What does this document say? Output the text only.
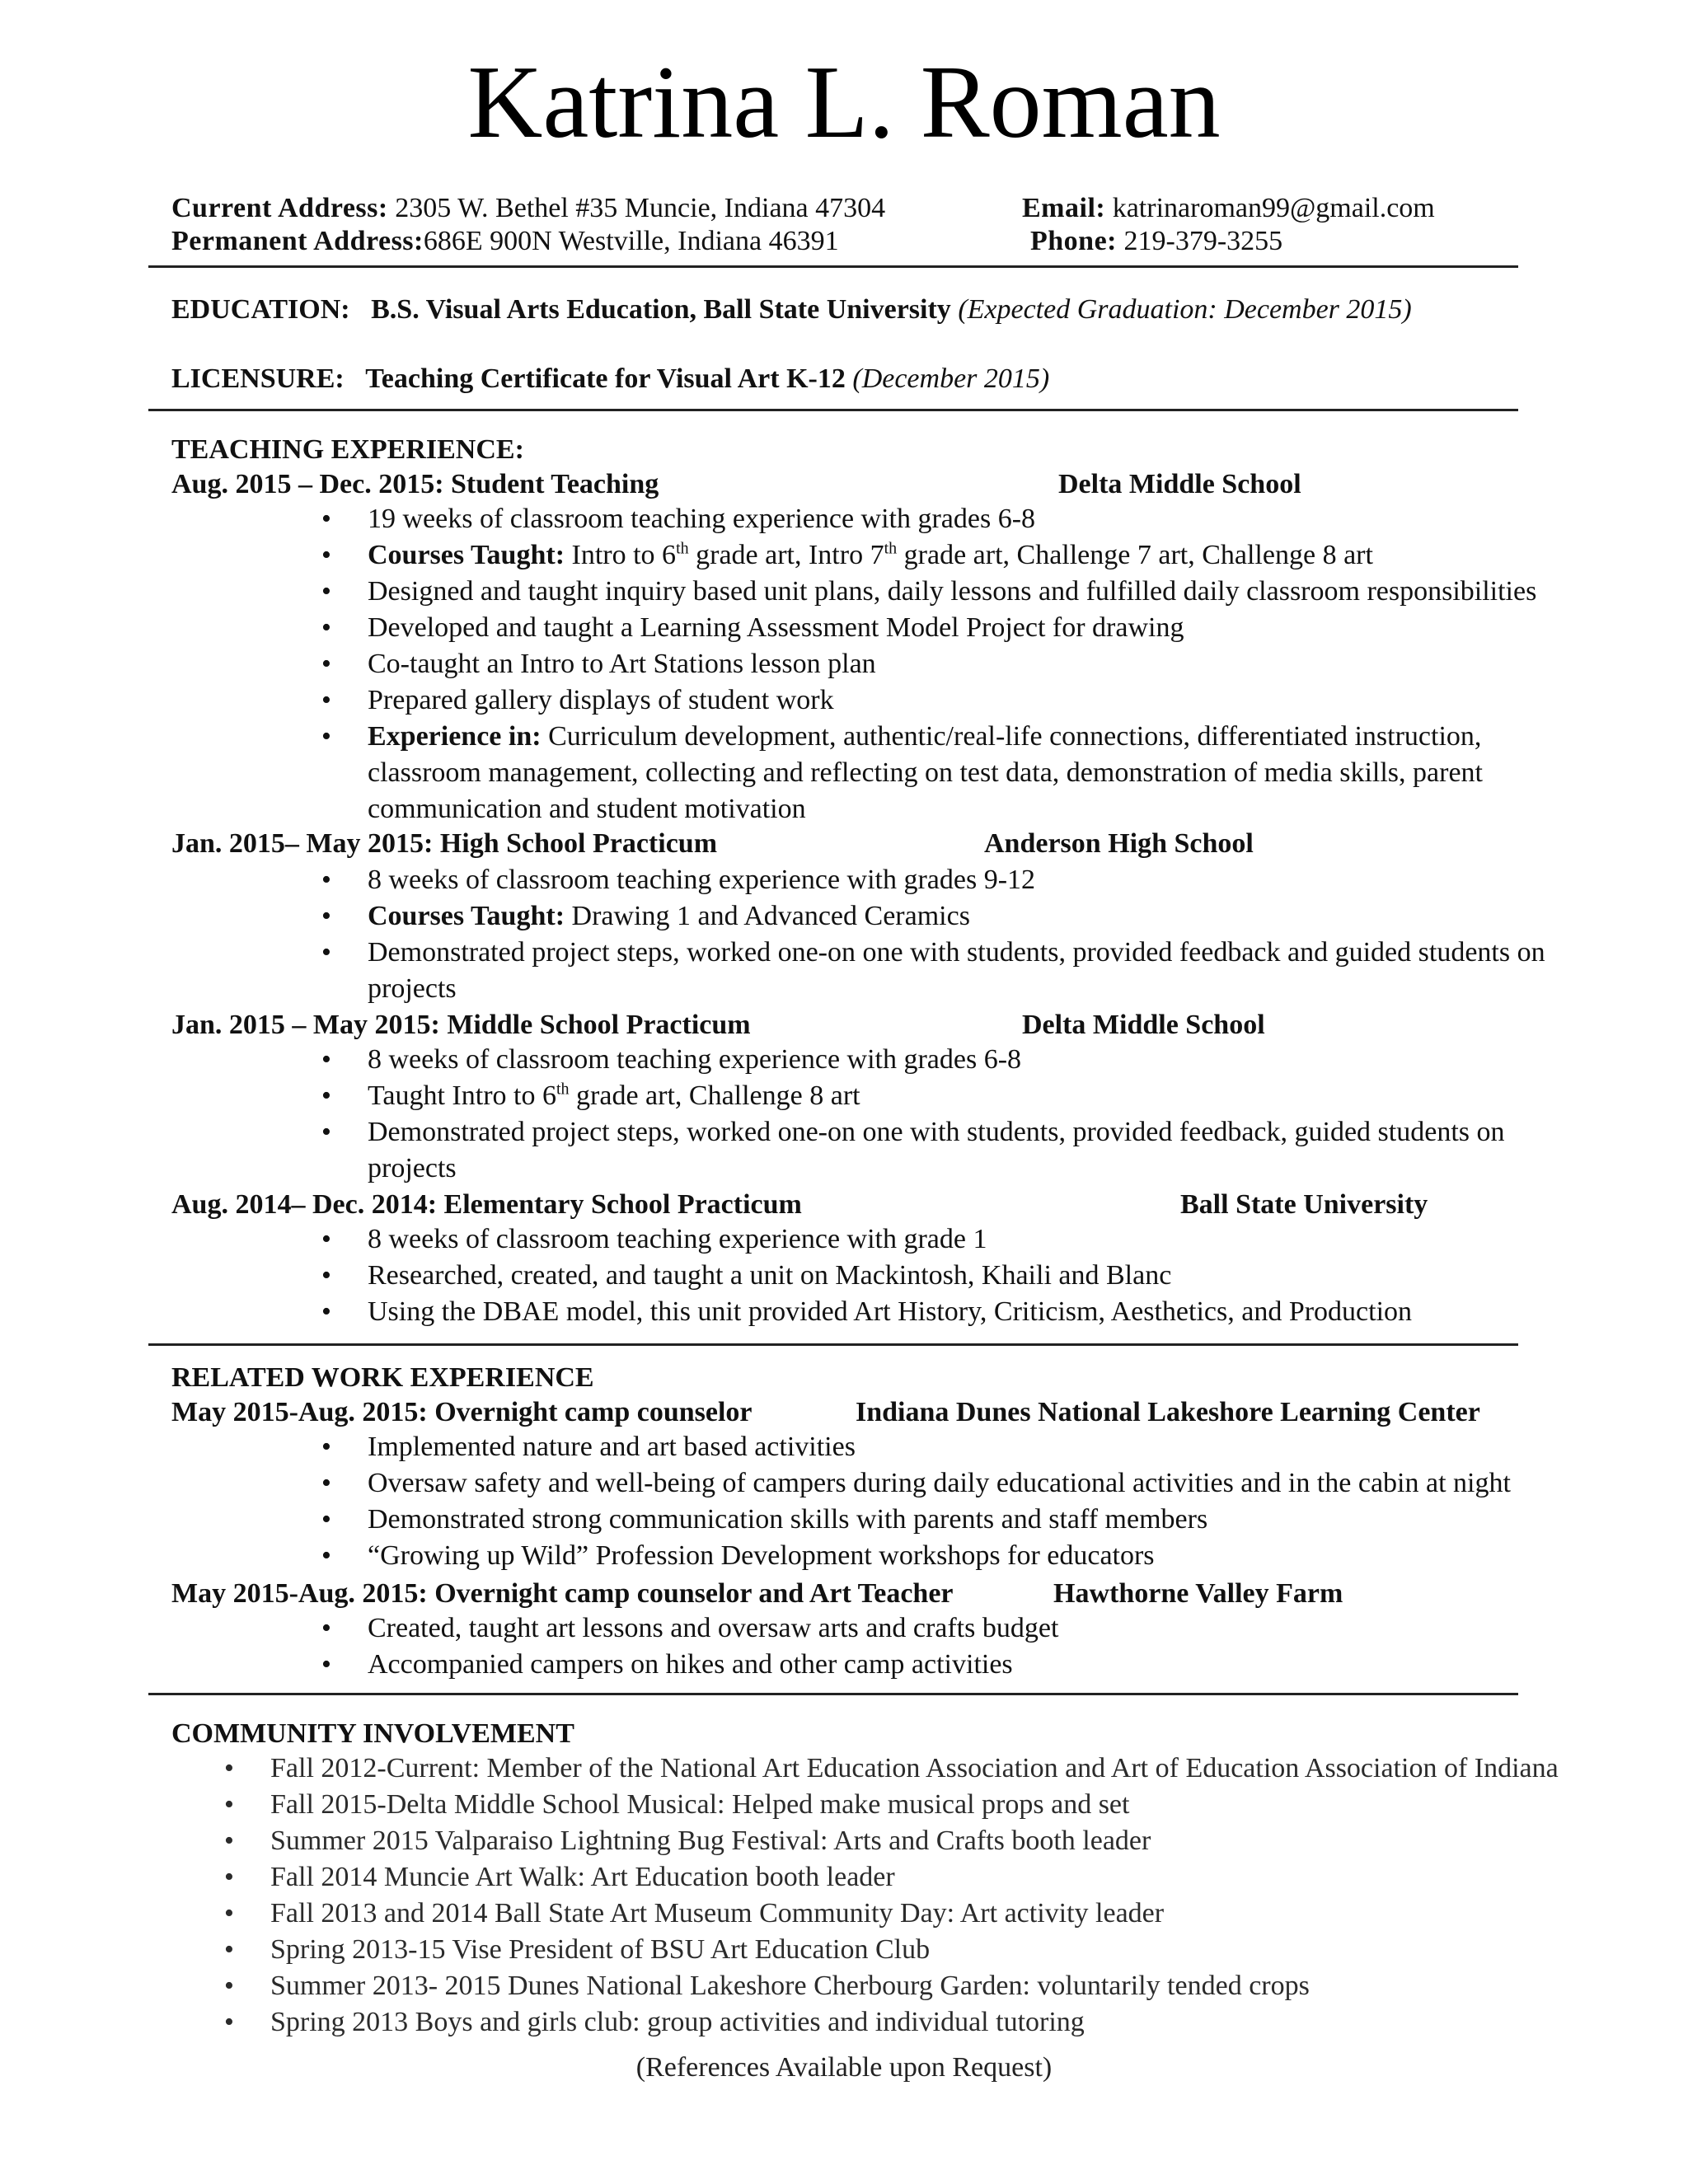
Katrina L. Roman
Current Address: 2305 W. Bethel #35 Muncie, Indiana 47304	Email: katrinaroman99@gmail.com
Permanent Address:686E 900N Westville, Indiana 46391	Phone: 219-379-3255
EDUCATION: B.S. Visual Arts Education, Ball State University (Expected Graduation: December 2015)
LICENSURE: Teaching Certificate for Visual Art K-12 (December 2015)
TEACHING EXPERIENCE:
Aug. 2015 – Dec. 2015: Student Teaching	Delta Middle School
• 19 weeks of classroom teaching experience with grades 6-8
• Courses Taught: Intro to 6th grade art, Intro 7th grade art, Challenge 7 art, Challenge 8 art
• Designed and taught inquiry based unit plans, daily lessons and fulfilled daily classroom responsibilities
• Developed and taught a Learning Assessment Model Project for drawing
• Co-taught an Intro to Art Stations lesson plan
• Prepared gallery displays of student work
• Experience in: Curriculum development, authentic/real-life connections, differentiated instruction,
classroom management, collecting and reflecting on test data, demonstration of media skills, parent
communication and student motivation
Jan. 2015– May 2015: High School Practicum	Anderson High School
• 8 weeks of classroom teaching experience with grades 9-12
• Courses Taught: Drawing 1 and Advanced Ceramics
• Demonstrated project steps, worked one-on one with students, provided feedback and guided students on
projects
Jan. 2015 – May 2015: Middle School Practicum	Delta Middle School
• 8 weeks of classroom teaching experience with grades 6-8
• Taught Intro to 6th grade art, Challenge 8 art
• Demonstrated project steps, worked one-on one with students, provided feedback, guided students on
projects
Aug. 2014– Dec. 2014: Elementary School Practicum	Ball State University
• 8 weeks of classroom teaching experience with grade 1
• Researched, created, and taught a unit on Mackintosh, Khaili and Blanc
• Using the DBAE model, this unit provided Art History, Criticism, Aesthetics, and Production
RELATED WORK EXPERIENCE
May 2015-Aug. 2015: Overnight camp counselor	Indiana Dunes National Lakeshore Learning Center
• Implemented nature and art based activities
• Oversaw safety and well-being of campers during daily educational activities and in the cabin at night
• Demonstrated strong communication skills with parents and staff members
• “Growing up Wild” Profession Development workshops for educators
May 2015-Aug. 2015: Overnight camp counselor and Art Teacher	Hawthorne Valley Farm
• Created, taught art lessons and oversaw arts and crafts budget
• Accompanied campers on hikes and other camp activities
COMMUNITY INVOLVEMENT
• Fall 2012-Current: Member of the National Art Education Association and Art of Education Association of Indiana
• Fall 2015-Delta Middle School Musical: Helped make musical props and set
• Summer 2015 Valparaiso Lightning Bug Festival: Arts and Crafts booth leader
• Fall 2014 Muncie Art Walk: Art Education booth leader
• Fall 2013 and 2014 Ball State Art Museum Community Day: Art activity leader
• Spring 2013-15 Vise President of BSU Art Education Club
• Summer 2013- 2015 Dunes National Lakeshore Cherbourg Garden: voluntarily tended crops
• Spring 2013 Boys and girls club: group activities and individual tutoring
(References Available upon Request)
